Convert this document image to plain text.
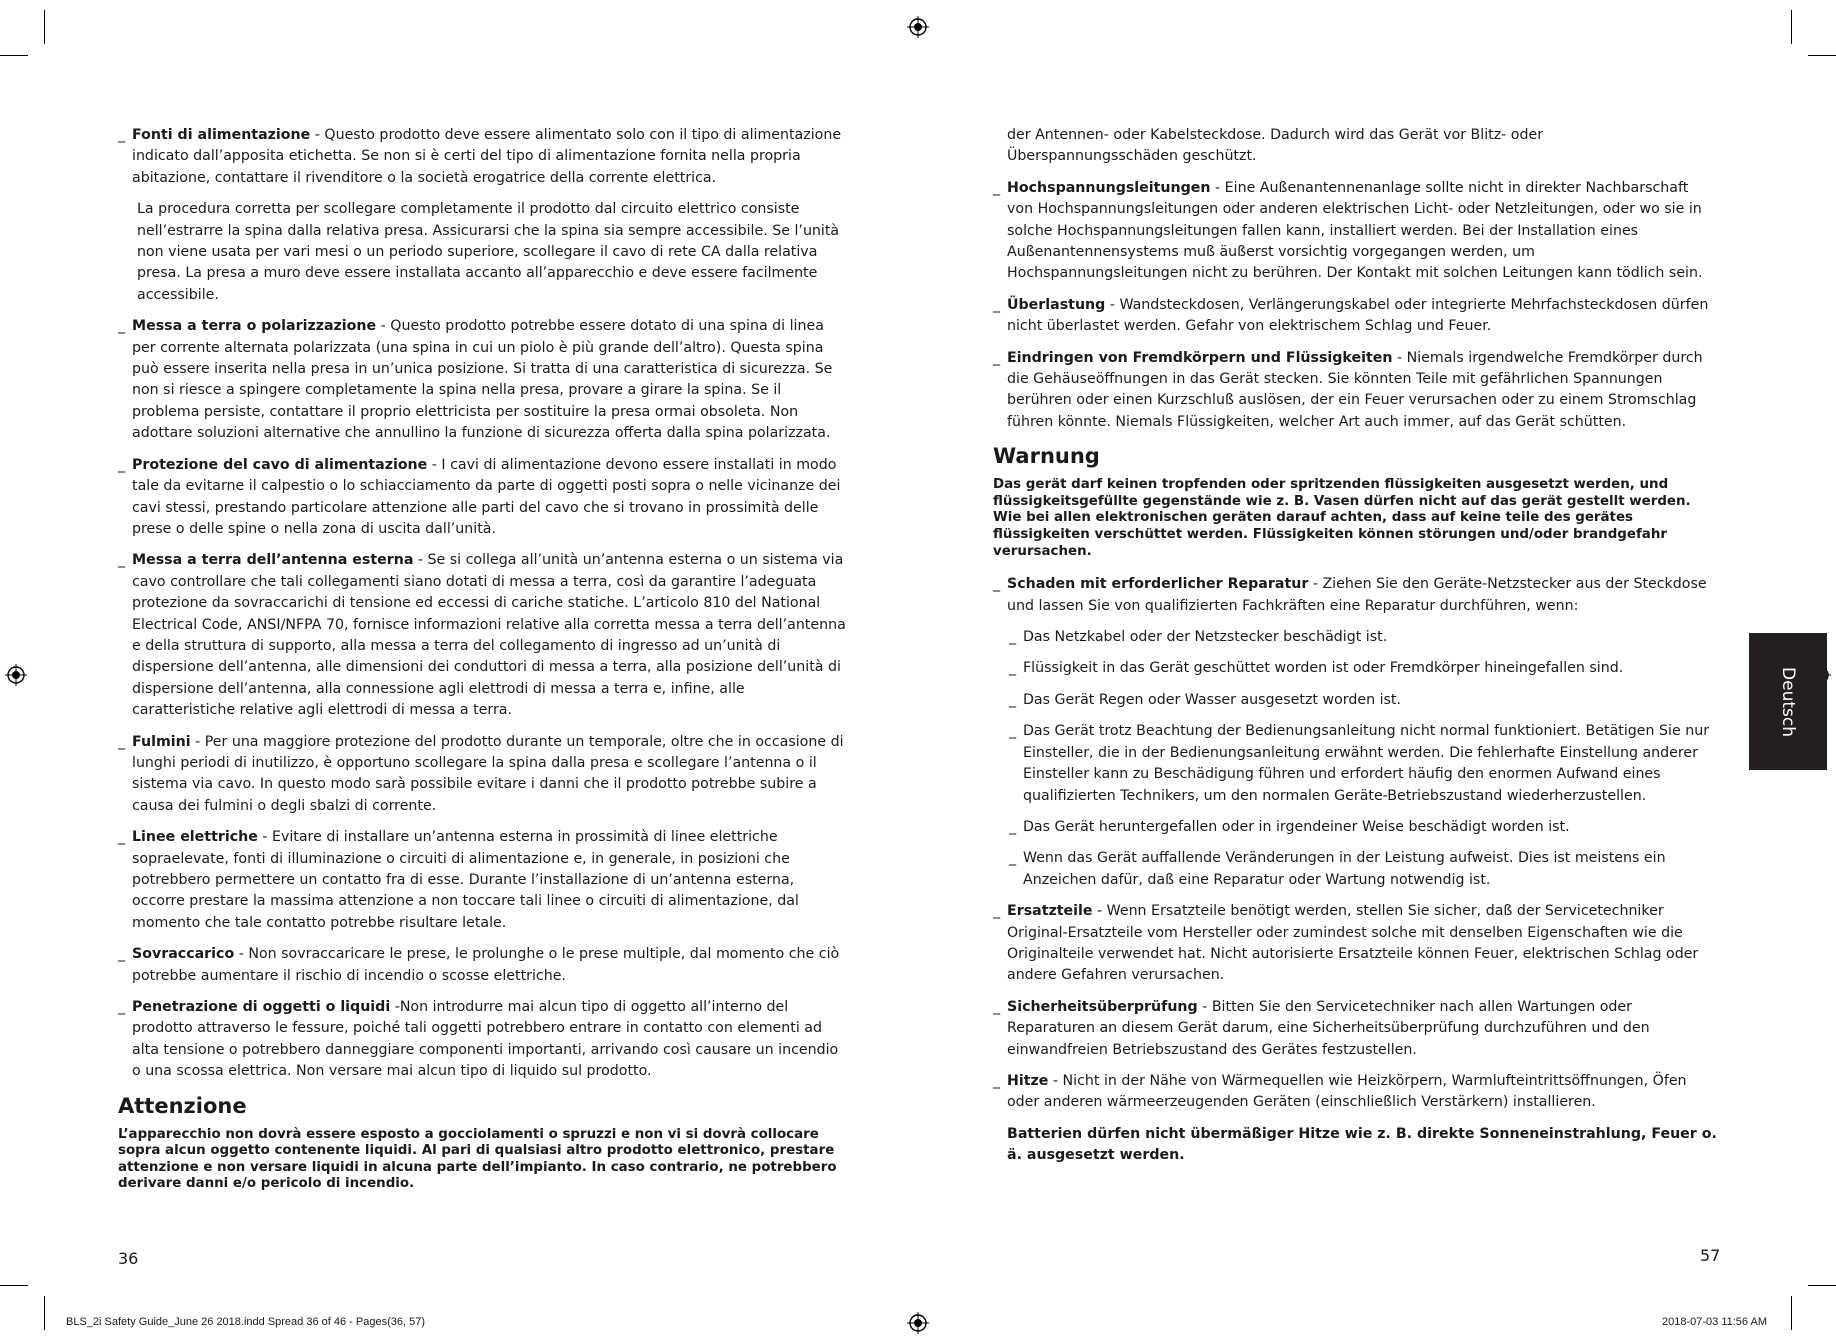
_ Fonti di alimentazione - Questo prodotto deve essere alimentato solo con il tipo di alimentazione indicato dall’apposita etichetta. Se non si è certi del tipo di alimentazione fornita nella propria abitazione, contattare il rivenditore o la società erogatrice della corrente elettrica.
La procedura corretta per scollegare completamente il prodotto dal circuito elettrico consiste nell’estrarre la spina dalla relativa presa. Assicurarsi che la spina sia sempre accessibile. Se l’unità non viene usata per vari mesi o un periodo superiore, scollegare il cavo di rete CA dalla relativa presa. La presa a muro deve essere installata accanto all’apparecchio e deve essere facilmente accessibile.
_ Messa a terra o polarizzazione - Questo prodotto potrebbe essere dotato di una spina di linea per corrente alternata polarizzata (una spina in cui un piolo è più grande dell’altro). Questa spina può essere inserita nella presa in un’unica posizione. Si tratta di una caratteristica di sicurezza. Se non si riesce a spingere completamente la spina nella presa, provare a girare la spina. Se il problema persiste, contattare il proprio elettricista per sostituire la presa ormai obsoleta. Non adottare soluzioni alternative che annullino la funzione di sicurezza offerta dalla spina polarizzata.
_ Protezione del cavo di alimentazione - I cavi di alimentazione devono essere installati in modo tale da evitarne il calpestio o lo schiacciamento da parte di oggetti posti sopra o nelle vicinanze dei cavi stessi, prestando particolare attenzione alle parti del cavo che si trovano in prossimità delle prese o delle spine o nella zona di uscita dall’unità.
_ Messa a terra dell’antenna esterna - Se si collega all’unità un’antenna esterna o un sistema via cavo controllare che tali collegamenti siano dotati di messa a terra, così da garantire l’adeguata protezione da sovraccarichi di tensione ed eccessi di cariche statiche. L’articolo 810 del National Electrical Code, ANSI/NFPA 70, fornisce informazioni relative alla corretta messa a terra dell’antenna e della struttura di supporto, alla messa a terra del collegamento di ingresso ad un’unità di dispersione dell’antenna, alle dimensioni dei conduttori di messa a terra, alla posizione dell’unità di dispersione dell’antenna, alla connessione agli elettrodi di messa a terra e, infine, alle caratteristiche relative agli elettrodi di messa a terra.
_ Fulmini - Per una maggiore protezione del prodotto durante un temporale, oltre che in occasione di lunghi periodi di inutilizzo, è opportuno scollegare la spina dalla presa e scollegare l’antenna o il sistema via cavo. In questo modo sarà possibile evitare i danni che il prodotto potrebbe subire a causa dei fulmini o degli sbalzi di corrente.
_ Linee elettriche - Evitare di installare un’antenna esterna in prossimità di linee elettriche sopraelevate, fonti di illuminazione o circuiti di alimentazione e, in generale, in posizioni che potrebbero permettere un contatto fra di esse. Durante l’installazione di un’antenna esterna, occorre prestare la massima attenzione a non toccare tali linee o circuiti di alimentazione, dal momento che tale contatto potrebbe risultare letale.
_ Sovraccarico - Non sovraccaricare le prese, le prolunghe o le prese multiple, dal momento che ciò potrebbe aumentare il rischio di incendio o scosse elettriche.
_ Penetrazione di oggetti o liquidi -Non introdurre mai alcun tipo di oggetto all’interno del prodotto attraverso le fessure, poiché tali oggetti potrebbero entrare in contatto con elementi ad alta tensione o potrebbero danneggiare componenti importanti, arrivando così causare un incendio o una scossa elettrica. Non versare mai alcun tipo di liquido sul prodotto.
Attenzione
L’apparecchio non dovrà essere esposto a gocciolamenti o spruzzi e non vi si dovrà collocare sopra alcun oggetto contenente liquidi. Al pari di qualsiasi altro prodotto elettronico, prestare attenzione e non versare liquidi in alcuna parte dell’impianto. In caso contrario, ne potrebbero derivare danni e/o pericolo di incendio.
36
der Antennen- oder Kabelsteckdose. Dadurch wird das Gerät vor Blitz- oder Überspannungsschäden geschützt.
_ Hochspannungsleitungen - Eine Außenantennenanlage sollte nicht in direkter Nachbarschaft von Hochspannungsleitungen oder anderen elektrischen Licht- oder Netzleitungen, oder wo sie in solche Hochspannungsleitungen fallen kann, installiert werden. Bei der Installation eines Außenantennensystems muß äußerst vorsichtig vorgegangen werden, um Hochspannungsleitungen nicht zu berühren. Der Kontakt mit solchen Leitungen kann tödlich sein.
_ Überlastung - Wandsteckdosen, Verlängerungskabel oder integrierte Mehrfachsteckdosen dürfen nicht überlastet werden. Gefahr von elektrischem Schlag und Feuer.
_ Eindringen von Fremdkörpern und Flüssigkeiten - Niemals irgendwelche Fremdkörper durch die Gehäuseöffnungen in das Gerät stecken. Sie könnten Teile mit gefährlichen Spannungen berühren oder einen Kurzschluß auslösen, der ein Feuer verursachen oder zu einem Stromschlag führen könnte. Niemals Flüssigkeiten, welcher Art auch immer, auf das Gerät schütten.
Warnung
Das gerät darf keinen tropfenden oder spritzenden flüssigkeiten ausgesetzt werden, und flüssigkeitsgefüllte gegenstände wie z. B. Vasen dürfen nicht auf das gerät gestellt werden. Wie bei allen elektronischen geräten darauf achten, dass auf keine teile des gerätes flüssigkeiten verschüttet werden. Flüssigkeiten können störungen und/oder brandgefahr verursachen.
_ Schaden mit erforderlicher Reparatur - Ziehen Sie den Geräte-Netzstecker aus der Steckdose und lassen Sie von qualifizierten Fachkräften eine Reparatur durchführen, wenn:
_ Das Netzkabel oder der Netzstecker beschädigt ist.
_ Flüssigkeit in das Gerät geschüttet worden ist oder Fremdkörper hineingefallen sind.
_ Das Gerät Regen oder Wasser ausgesetzt worden ist.
_ Das Gerät trotz Beachtung der Bedienungsanleitung nicht normal funktioniert. Betätigen Sie nur Einsteller, die in der Bedienungsanleitung erwähnt werden. Die fehlerhafte Einstellung anderer Einsteller kann zu Beschädigung führen und erfordert häufig den enormen Aufwand eines qualifizierten Technikers, um den normalen Geräte-Betriebszustand wiederherzustellen.
_ Das Gerät heruntergefallen oder in irgendeiner Weise beschädigt worden ist.
_ Wenn das Gerät auffallende Veränderungen in der Leistung aufweist. Dies ist meistens ein Anzeichen dafür, daß eine Reparatur oder Wartung notwendig ist.
_ Ersatzteile - Wenn Ersatzteile benötigt werden, stellen Sie sicher, daß der Servicetechniker Original-Ersatzteile vom Hersteller oder zumindest solche mit denselben Eigenschaften wie die Originalteile verwendet hat. Nicht autorisierte Ersatzteile können Feuer, elektrischen Schlag oder andere Gefahren verursachen.
_ Sicherheitsüberprüfung - Bitten Sie den Servicetechniker nach allen Wartungen oder Reparaturen an diesem Gerät darum, eine Sicherheitsüberprüfung durchzuführen und den einwandfreien Betriebszustand des Gerätes festzustellen.
_ Hitze - Nicht in der Nähe von Wärmequellen wie Heizkörpern, Warmlufteintrittsöffnungen, Öfen oder anderen wärmeerzeugenden Geräten (einschließlich Verstärkern) installieren.
Batterien dürfen nicht übermäßiger Hitze wie z. B. direkte Sonneneinstrahlung, Feuer o. ä. ausgesetzt werden.
57
Deutsch
BLS_2i Safety Guide_June 26 2018.indd Spread 36 of 46 - Pages(36, 57)	2018-07-03 11:56 AM
